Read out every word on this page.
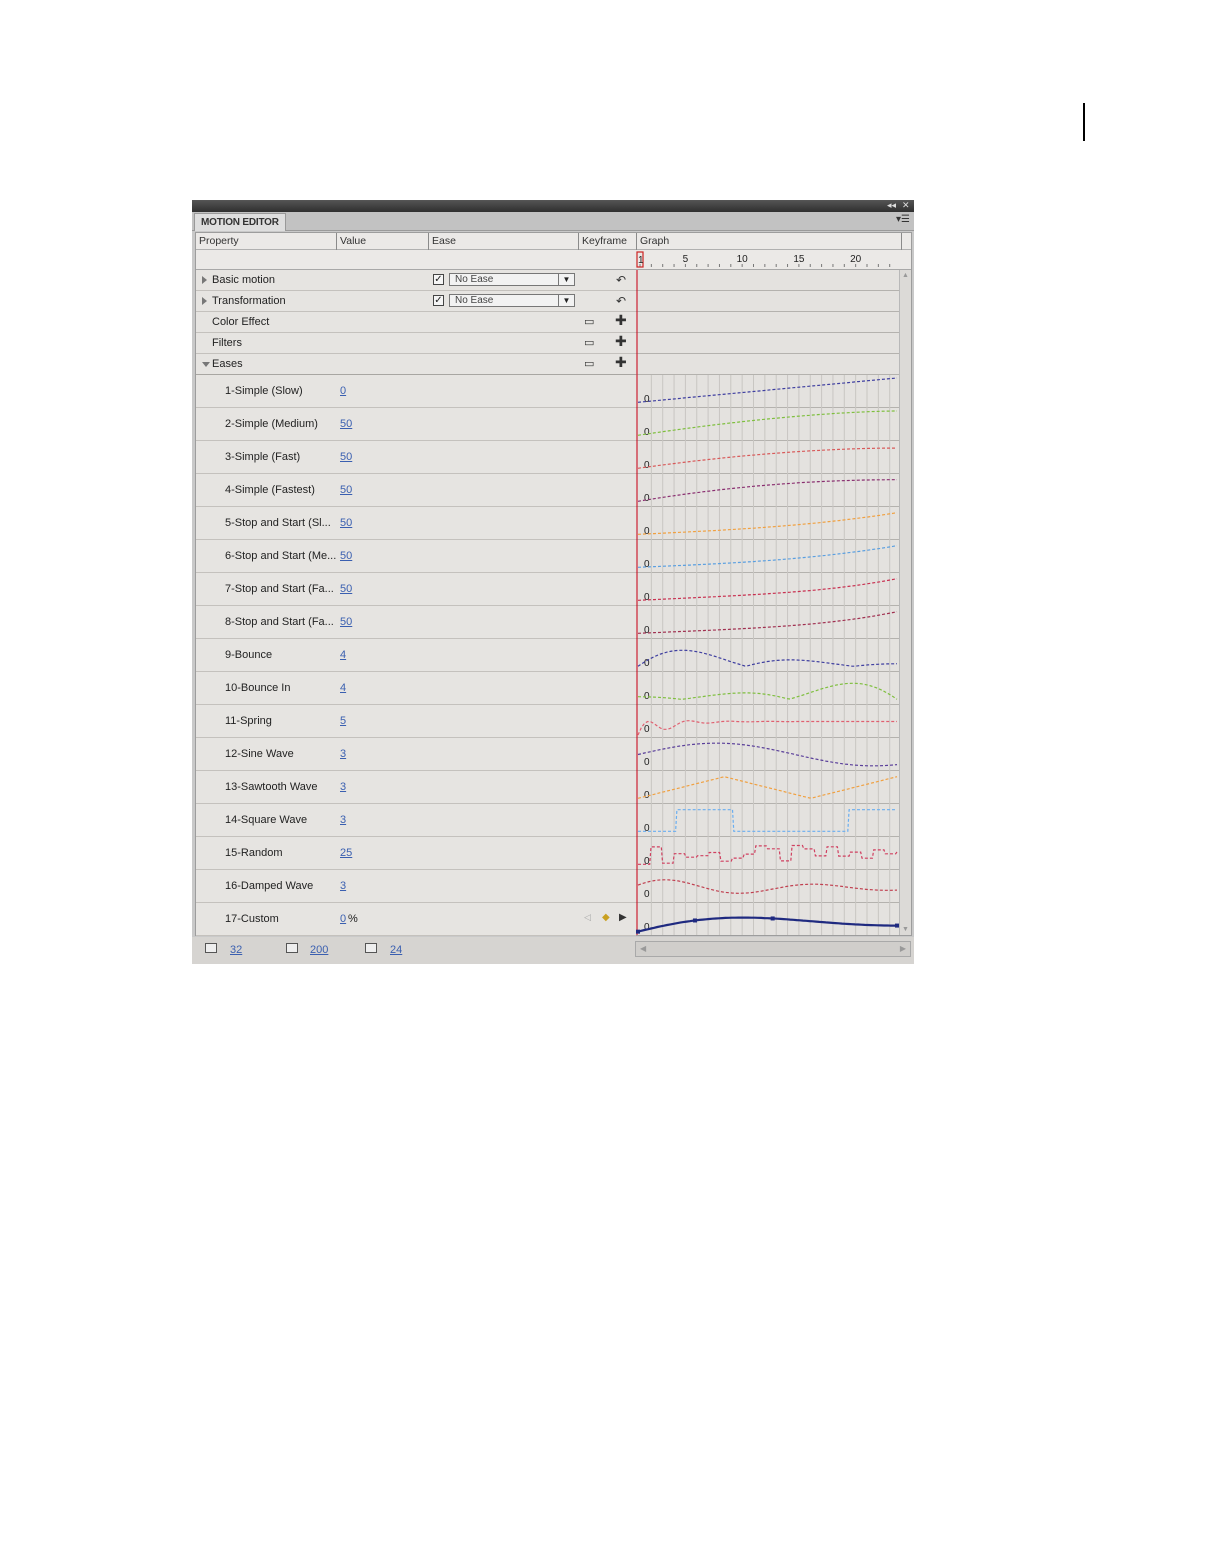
◂◂ ✕
MOTION EDITOR	▾☰
Property	Value	Ease	Keyframe	Graph
1	5	10	15	20
Basic motion	✓	No Ease	▼	↶
Transformation	✓	No Ease	▼	↶
Color Effect	▭ ✚
Filters	▭ ✚
Eases	▭ ✚
1-Simple (Slow)	0
2-Simple (Medium) 50
3-Simple (Fast)	50
4-Simple (Fastest) 50
5-Stop and Start (Sl... 50
6-Stop and Start (Me... 50
7-Stop and Start (Fa... 50
8-Stop and Start (Fa... 50
9-Bounce	4
10-Bounce In	4
11-Spring	5
12-Sine Wave	3
13-Sawtooth Wave 3
14-Square Wave	3
15-Random	25
16-Damped Wave 3
17-Custom	0 %	◁ ◆ ▶
0
0
0
0
0
0
0
0
0
0
0
0
0
0
0
0
0
▲
▼
32	200	24	◀	▶
